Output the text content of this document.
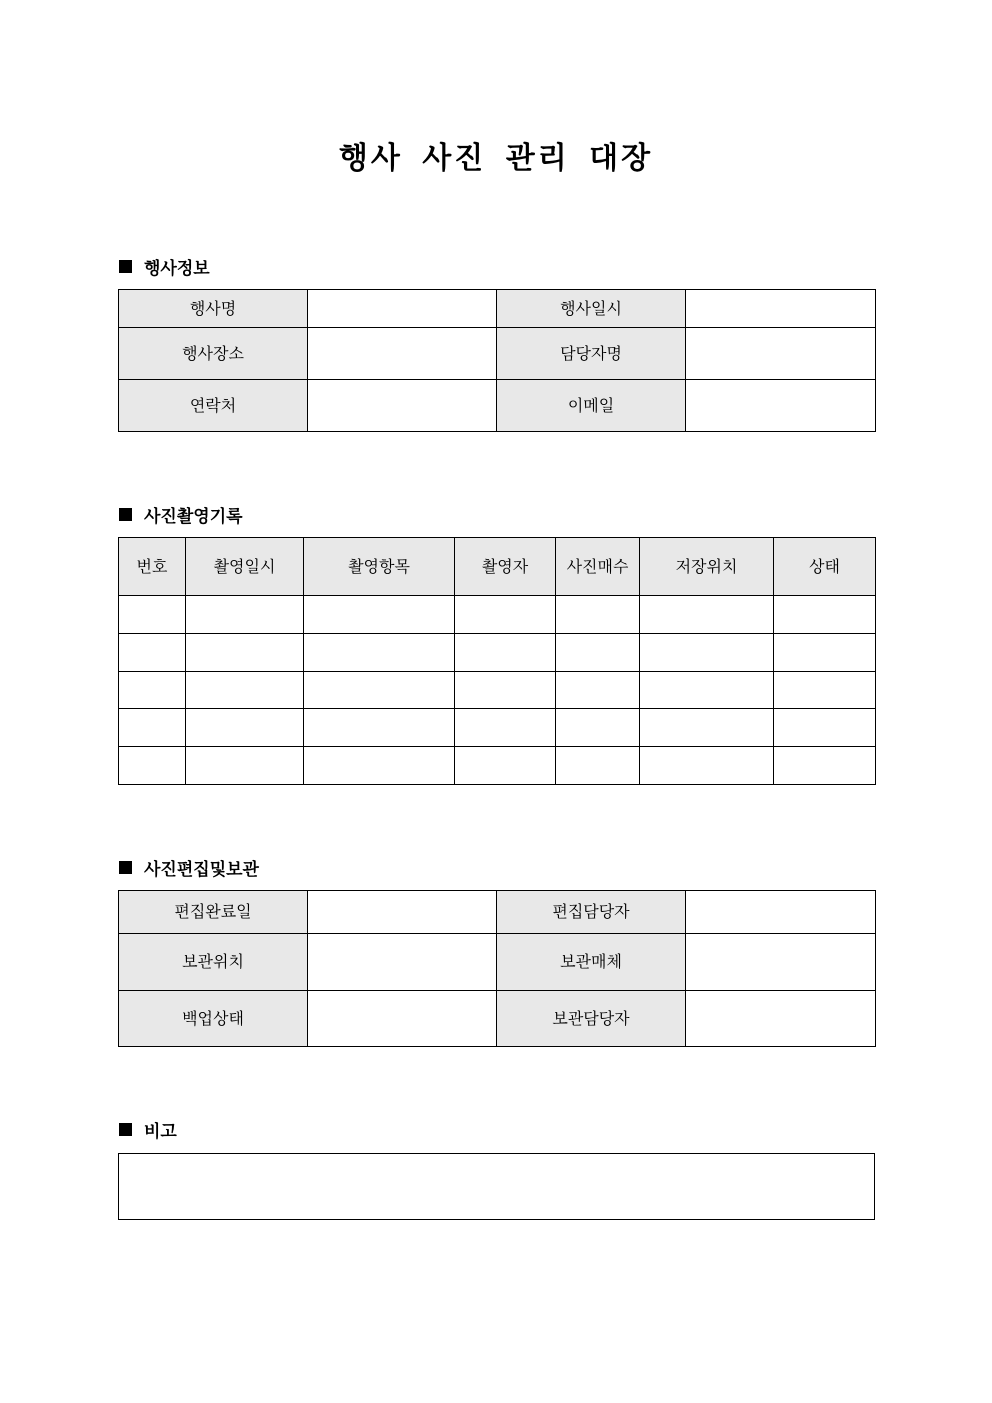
행사 사진 관리 대장
행사정보
행사명		행사일시	
행사장소		담당자명	
연락처		이메일	
사진촬영기록
번호	촬영일시	촬영항목	촬영자	사진매수	저장위치	상태

사진편집및보관
편집완료일		편집담당자	
보관위치		보관매체	
백업상태		보관담당자	
비고
